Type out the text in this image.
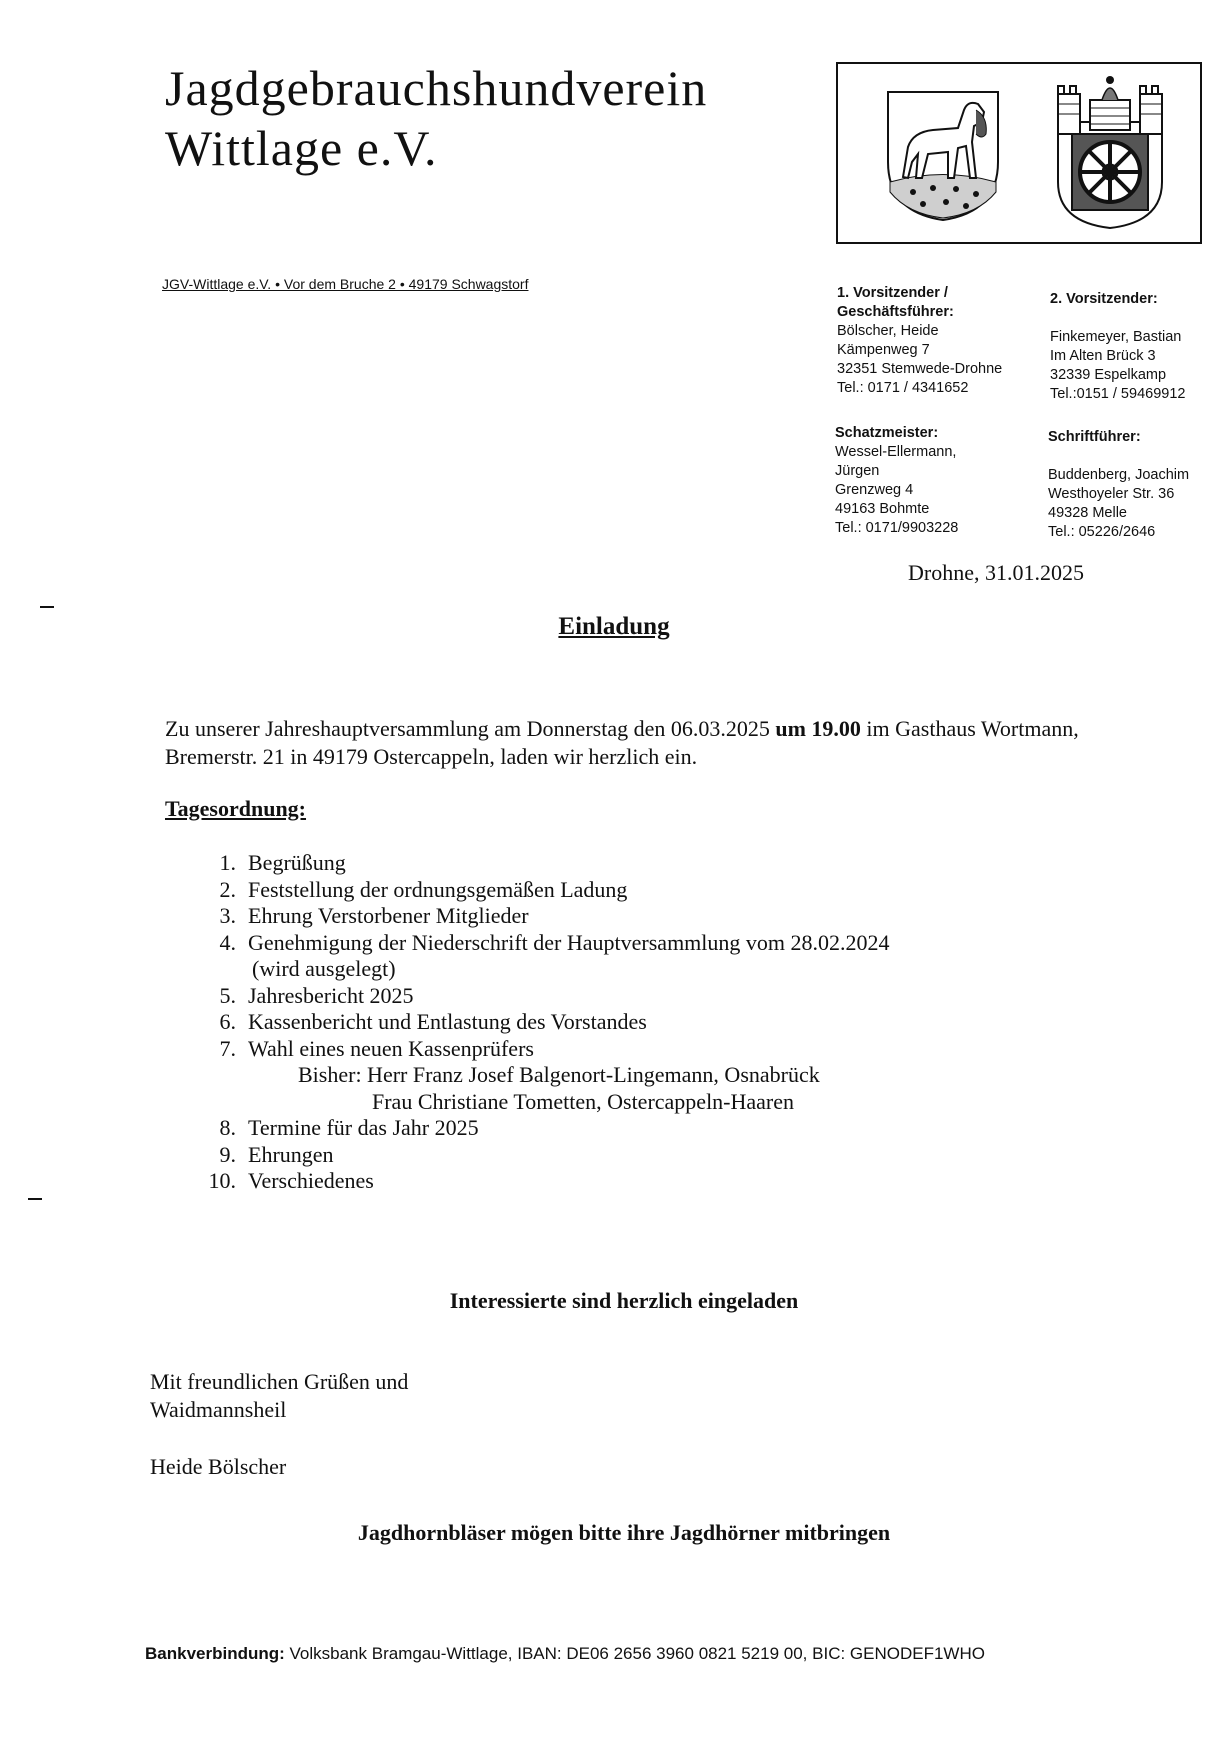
Jagdgebrauchshundverein
Wittlage e.V.
JGV-Wittlage e.V. • Vor dem Bruche 2 • 49179 Schwagstorf
1. Vorsitzender /
Geschäftsführer:
Bölscher, Heide
Kämpenweg 7
32351 Stemwede-Drohne
Tel.: 0171 / 4341652
2. Vorsitzender:
Finkemeyer, Bastian
Im Alten Brück 3
32339 Espelkamp
Tel.:0151 / 59469912
Schatzmeister:
Wessel-Ellermann,
Jürgen
Grenzweg 4
49163 Bohmte
Tel.: 0171/9903228
Schriftführer:
Buddenberg, Joachim
Westhoyeler Str. 36
49328 Melle
Tel.: 05226/2646
Drohne, 31.01.2025
Einladung
Zu unserer Jahreshauptversammlung am Donnerstag den 06.03.2025 um 19.00 im Gasthaus Wortmann, Bremerstr. 21 in 49179 Ostercappeln, laden wir herzlich ein.
Tagesordnung:
1. Begrüßung
2. Feststellung der ordnungsgemäßen Ladung
3. Ehrung Verstorbener Mitglieder
4. Genehmigung der Niederschrift der Hauptversammlung vom 28.02.2024
(wird ausgelegt)
5. Jahresbericht 2025
6. Kassenbericht und Entlastung des Vorstandes
7. Wahl eines neuen Kassenprüfers
Bisher: Herr Franz Josef Balgenort-Lingemann, Osnabrück
Frau Christiane Tometten, Ostercappeln-Haaren
8. Termine für das Jahr 2025
9. Ehrungen
10. Verschiedenes
Interessierte sind herzlich eingeladen
Mit freundlichen Grüßen und
Waidmannsheil
Heide Bölscher
Jagdhornbläser mögen bitte ihre Jagdhörner mitbringen
Bankverbindung: Volksbank Bramgau-Wittlage, IBAN: DE06 2656 3960 0821 5219 00, BIC: GENODEF1WHO
